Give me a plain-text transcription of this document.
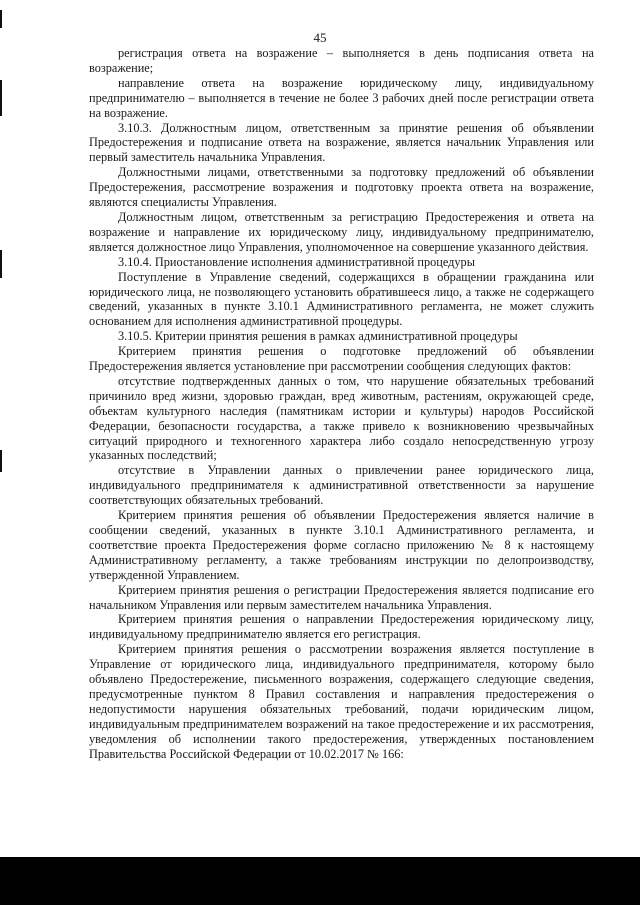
45

регистрация ответа на возражение – выполняется в день подписания ответа на возражение;

направление ответа на возражение юридическому лицу, индивидуальному предпринимателю – выполняется в течение не более 3 рабочих дней после регистрации ответа на возражение.

3.10.3. Должностным лицом, ответственным за принятие решения об объявлении Предостережения и подписание ответа на возражение, является начальник Управления или первый заместитель начальника Управления.

Должностными лицами, ответственными за подготовку предложений об объявлении Предостережения, рассмотрение возражения и подготовку проекта ответа на возражение, являются специалисты Управления.

Должностным лицом, ответственным за регистрацию Предостережения и ответа на возражение и направление их юридическому лицу, индивидуальному предпринимателю, является должностное лицо Управления, уполномоченное на совершение указанного действия.

3.10.4. Приостановление исполнения административной процедуры

Поступление в Управление сведений, содержащихся в обращении гражданина или юридического лица, не позволяющего установить обратившееся лицо, а также не содержащего сведений, указанных в пункте 3.10.1 Административного регламента, не может служить основанием для исполнения административной процедуры.

3.10.5. Критерии принятия решения в рамках административной процедуры

Критерием принятия решения о подготовке предложений об объявлении Предостережения является установление при рассмотрении сообщения следующих фактов:

отсутствие подтвержденных данных о том, что нарушение обязательных требований причинило вред жизни, здоровью граждан, вред животным, растениям, окружающей среде, объектам культурного наследия (памятникам истории и культуры) народов Российской Федерации, безопасности государства, а также привело к возникновению чрезвычайных ситуаций природного и техногенного характера либо создало непосредственную угрозу указанных последствий;

отсутствие в Управлении данных о привлечении ранее юридического лица, индивидуального предпринимателя к административной ответственности за нарушение соответствующих обязательных требований.

Критерием принятия решения об объявлении Предостережения является наличие в сообщении сведений, указанных в пункте 3.10.1 Административного регламента, и соответствие проекта Предостережения форме согласно приложению № 8 к настоящему Административному регламенту, а также требованиям инструкции по делопроизводству, утвержденной Управлением.

Критерием принятия решения о регистрации Предостережения является подписание его начальником Управления или первым заместителем начальника Управления.

Критерием принятия решения о направлении Предостережения юридическому лицу, индивидуальному предпринимателю является его регистрация.

Критерием принятия решения о рассмотрении возражения является поступление в Управление от юридического лица, индивидуального предпринимателя, которому было объявлено Предостережение, письменного возражения, содержащего следующие сведения, предусмотренные пунктом 8 Правил составления и направления предостережения о недопустимости нарушения обязательных требований, подачи юридическим лицом, индивидуальным предпринимателем возражений на такое предостережение и их рассмотрения, уведомления об исполнении такого предостережения, утвержденных постановлением Правительства Российской Федерации от 10.02.2017 № 166:
